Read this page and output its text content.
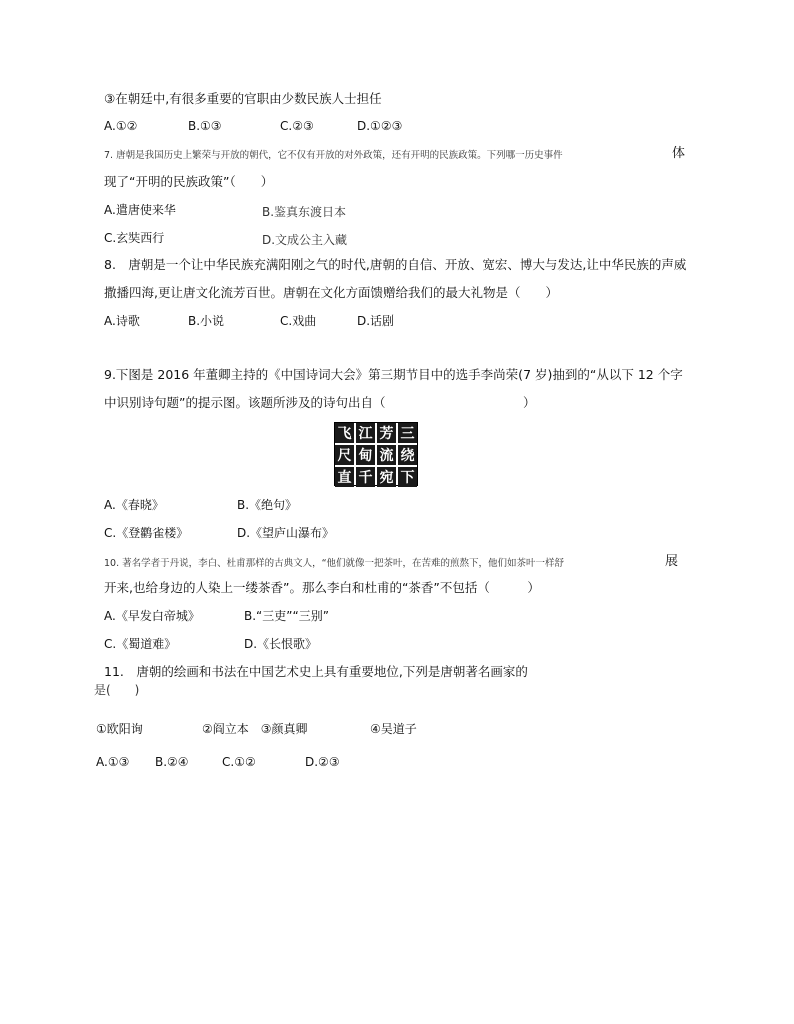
③在朝廷中,有很多重要的官职由少数民族人士担任
A.①②	B.①③	C.②③	D.①②③
7. 唐朝是我国历史上繁荣与开放的朝代，它不仅有开放的对外政策，还有开明的民族政策。下列哪一历史事件	体
现了“开明的民族政策”（　　）
A.遣唐使来华	B.鉴真东渡日本
C.玄奘西行	D.文成公主入藏
8.　唐朝是一个让中华民族充满阳刚之气的时代,唐朝的自信、开放、宽宏、博大与发达,让中华民族的声威
撒播四海,更让唐文化流芳百世。唐朝在文化方面馈赠给我们的最大礼物是（　　）
A.诗歌	B.小说	C.戏曲	D.话剧
9.下图是 2016 年董卿主持的《中国诗词大会》第三期节目中的选手李尚荣(7 岁)抽到的“从以下 12 个字
中识别诗句题”的提示图。该题所涉及的诗句出自（　　　　　　　　　　　）
飞 江 芳 三
尺 甸 流 绕
直 千 宛 下
A.《春晓》	B.《绝句》
C.《登鹳雀楼》	D.《望庐山瀑布》
10. 著名学者于丹说，李白、杜甫那样的古典文人，“他们就像一把茶叶，在苦难的煎熬下，他们如茶叶一样舒	展
开来,也给身边的人染上一缕茶香”。那么李白和杜甫的“茶香”不包括（　　　）
A.《早发白帝城》	B.“三吏”“三别”
C.《蜀道难》	D.《长恨歌》
11.　唐朝的绘画和书法在中国艺术史上具有重要地位,下列是唐朝著名画家的
是(　　)
①欧阳询	②阎立本　③颜真卿	④吴道子
A.①③ B.②④	C.①②	D.②③
